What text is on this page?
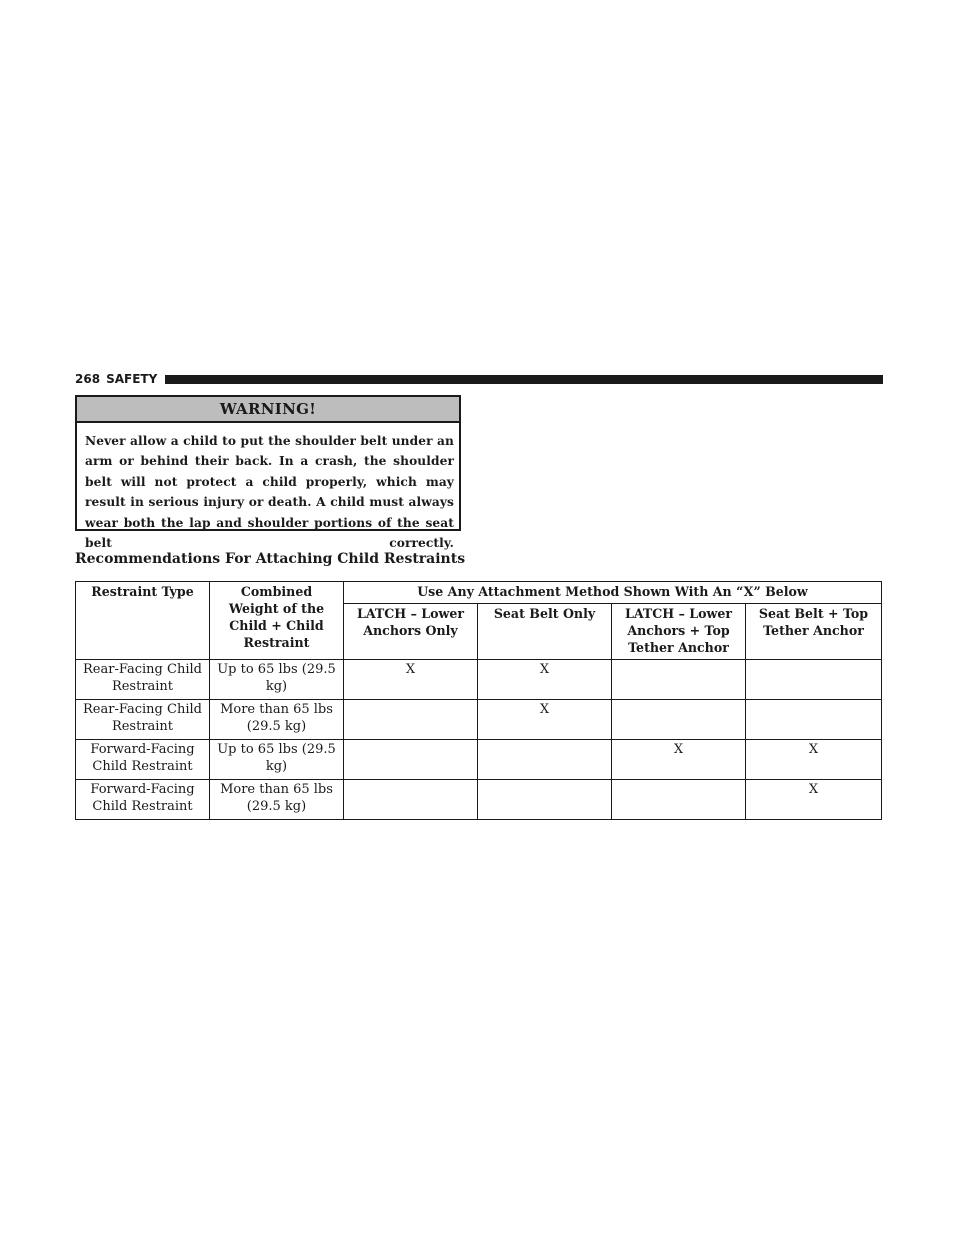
268 SAFETY
WARNING!
Never allow a child to put the shoulder belt under an arm or behind their back. In a crash, the shoulder belt will not protect a child properly, which may result in serious injury or death. A child must always wear both the lap and shoulder portions of the seat belt correctly.
Recommendations For Attaching Child Restraints
Restraint Type	Combined Weight of the Child + Child Restraint	Use Any Attachment Method Shown With An “X” Below			
		LATCH – Lower Anchors Only	Seat Belt Only	LATCH – Lower Anchors + Top Tether Anchor	Seat Belt + Top Tether Anchor
Rear-Facing Child Restraint	Up to 65 lbs (29.5 kg)	X	X		
Rear-Facing Child Restraint	More than 65 lbs (29.5 kg)		X		
Forward-Facing Child Restraint	Up to 65 lbs (29.5 kg)			X	X
Forward-Facing Child Restraint	More than 65 lbs (29.5 kg)				X
